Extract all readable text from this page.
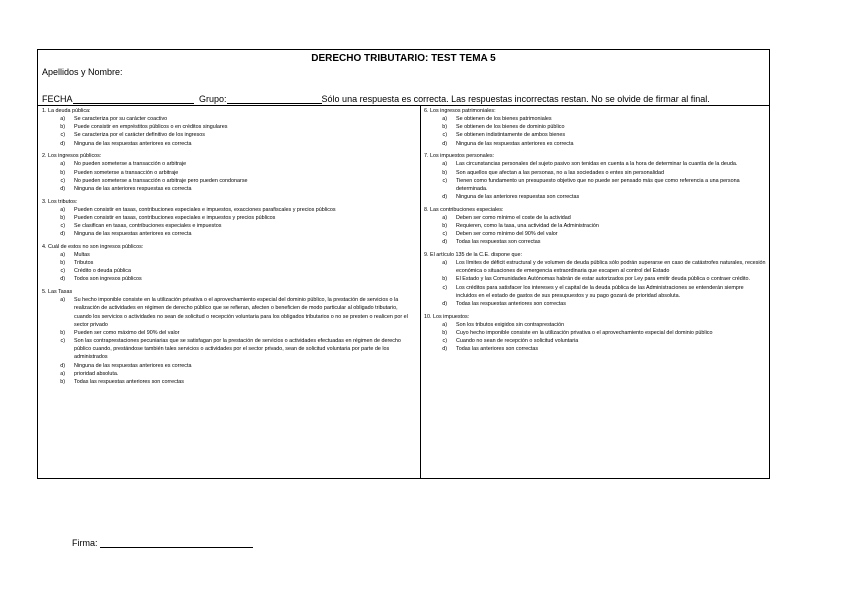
DERECHO TRIBUTARIO: TEST TEMA 5
Apellidos y Nombre:
FECHA	Grupo:	Sólo una respuesta es correcta. Las respuestas incorrectas restan. No se olvide de firmar al final.
1. La deuda pública:
a)	Se caracteriza por su carácter coactivo
b)	Puede consistir en empréstitos públicos o en créditos singulares
c)	Se caracteriza por el carácter definitivo de los ingresos
d)	Ninguna de las respuestas anteriores es correcta
2. Los ingresos públicos:
a)	No pueden someterse a transacción o arbitraje
b)	Pueden someterse a transacción o arbitraje
c)	No pueden someterse a transacción o arbitraje pero pueden condonarse
d)	Ninguna de las anteriores respuestas es correcta
3. Los tributos:
a)	Pueden consistir en tasas, contribuciones especiales e impuestos, exacciones parafiscales y precios públicos
b)	Pueden consistir en tasas, contribuciones especiales e impuestos y precios públicos
c)	Se clasifican en tasas, contribuciones especiales e impuestos
d)	Ninguna de las respuestas anteriores es correcta
4. Cuál de estos no son ingresos públicos:
a)	Multas
b)	Tributos
c)	Crédito o deuda pública
d)	Todos son ingresos públicos
5. Las Tasas
a)	Su hecho imponible consiste en la utilización privativa o el aprovechamiento especial del dominio público, la prestación de servicios o la realización de actividades en régimen de derecho público que se refieran, afecten o beneficien de modo particular al obligado tributario, cuando los servicios o actividades no sean de solicitud o recepción voluntaria para los obligados tributarios o no se presten o realicen por el sector privado
b)	Pueden ser como máximo del 90% del valor
c)	Son las contraprestaciones pecuniarias que se satisfagan por la prestación de servicios o actividades efectuadas en régimen de derecho público cuando, prestándose también tales servicios o actividades por el sector privado, sean de solicitud voluntaria por parte de los administrados
d)	Ninguna de las respuestas anteriores es correcta
a)	prioridad absoluta.
b)	Todas las respuestas anteriores son correctas
6. Los ingresos patrimoniales:
a)	Se obtienen de los bienes patrimoniales
b)	Se obtienen de los bienes de dominio público
c)	Se obtienen indistintamente de ambos bienes
d)	Ninguna de las respuestas anteriores es correcta
7. Los impuestos personales:
a)	Las circunstancias personales del sujeto pasivo son tenidas en cuenta a la hora de determinar la cuantía de la deuda.
b)	Son aquellos que afectan a las personas, no a las sociedades o entes sin personalidad
c)	Tienen como fundamento un presupuesto objetivo que no puede ser pensado más que como referencia a una persona determinada.
d)	Ninguna de las anteriores respuestas son correctas
8. Las contribuciones especiales:
a)	Deben ser como mínimo el coste de la actividad
b)	Requieren, como la tasa, una actividad de la Administración
c)	Deben ser como mínimo del 90% del valor
d)	Todas las respuestas son correctas
9. El artículo 135 de la C.E. dispone que:
a)	Los límites de déficit estructural y de volumen de deuda pública sólo podrán superarse en caso de catástrofes naturales, recesión económica o situaciones de emergencia extraordinaria que escapen al control del Estado
b)	El Estado y las Comunidades Autónomas habrán de estar autorizados por Ley para emitir deuda pública o contraer crédito.
c)	Los créditos para satisfacer los intereses y el capital de la deuda pública de las Administraciones se entenderán siempre incluidos en el estado de gastos de sus presupuestos y su pago gozará de prioridad absoluta.
d)	Todas las respuestas anteriores son correctas
10. Los impuestos:
a)	Son los tributos exigidos sin contraprestación
b)	Cuyo hecho imponible consiste en la utilización privativa o el aprovechamiento especial del dominio público
c)	Cuando no sean de recepción o solicitud voluntaria
d)	Todas las anteriores son correctas
Firma:
